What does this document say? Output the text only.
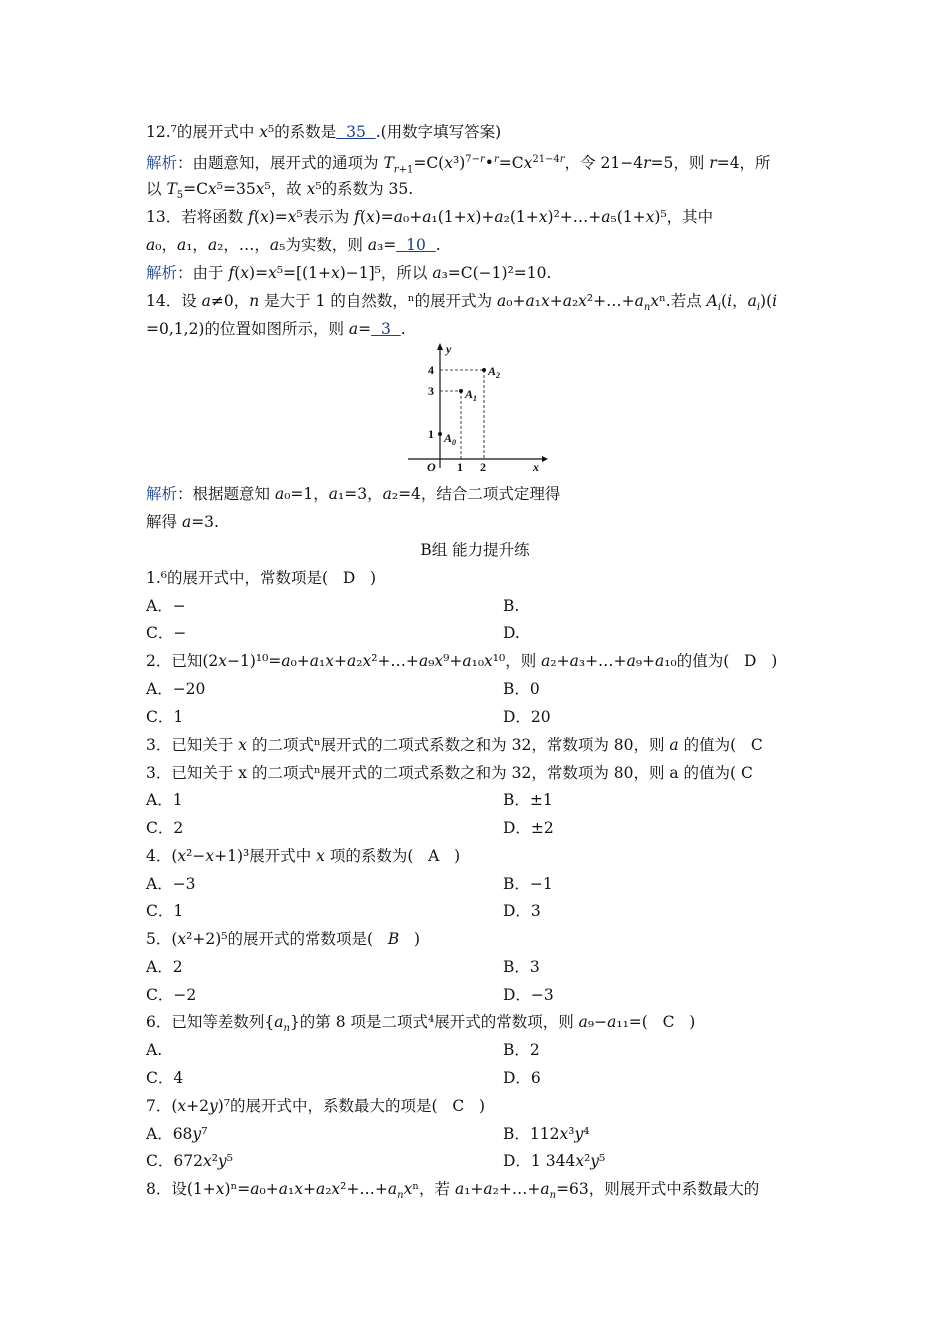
12.⁷的展开式中 x⁵的系数是  35  .(用数字填写答案)
解析：由题意知，展开式的通项为 $T_{r+1}=C(x^3)^{7-r}•^r=Cx^{21-4r}$，令 21−4r=5，则 r=4，所
以 $T_5=Cx^5=35x^5$，故 x⁵的系数为 35.
13．若将函数 f(x)=x⁵表示为 f(x)=a₀+a₁(1+x)+a₂(1+x)²+…+a₅(1+x)⁵，其中
a₀，a₁，a₂，…，a₅为实数，则 a₃=  10  .
解析：由于 f(x)=x⁵=[(1+x)−1]⁵，所以 a₃=C(−1)²=10.
14．设 a≠0，n 是大于 1 的自然数，ⁿ的展开式为 $a_0+a_1x+a_2x^2+\dots+a_nx^n$.若点 $A_i(i$，$a_i)(i$
=0,1,2)的位置如图所示，则 a=  3  .
y
x
O
4
3
1
1 2
$A_0$
$A_1$
$A_2$
解析：根据题意知 a₀=1，a₁=3，a₂=4，结合二项式定理得
解得 a=3.
B组 能力提升练
1.⁶的展开式中，常数项是(   D   )
A．−	B.
C．−	D.
2．已知(2x−1)¹⁰=a₀+a₁x+a₂x²+…+a₉x⁹+a₁₀x¹⁰，则 a₂+a₃+…+a₉+a₁₀的值为(   D   )
A．−20	B．0
C．1	D．20
3．已知关于 x 的二项式ⁿ展开式的二项式系数之和为 32，常数项为 80，则 a 的值为(   C
3．已知关于 x 的二项式ⁿ展开式的二项式系数之和为 32，常数项为 80，则 a 的值为( C
A．1	B．±1
C．2	D．±2
4．(x²−x+1)³展开式中 x 项的系数为(   A   )
A．−3	B．−1
C．1	D．3
5．(x²+2)⁵的展开式的常数项是(   B   )
A．2	B．3
C．−2	D．−3
6．已知等差数列$\{a_n\}$的第 8 项是二项式⁴展开式的常数项，则 a₉−a₁₁=(   C   )
A.	B．2
C．4	D．6
7．(x+2y)⁷的展开式中，系数最大的项是(   C   )
A．68y⁷	B．112x³y⁴
C．672x²y⁵	D．1 344x²y⁵
8．设$(1+x)^n=a_0+a_1x+a_2x^2+\dots+a_nx^n$，若 $a_1+a_2+\dots+a_n=63$，则展开式中系数最大的
